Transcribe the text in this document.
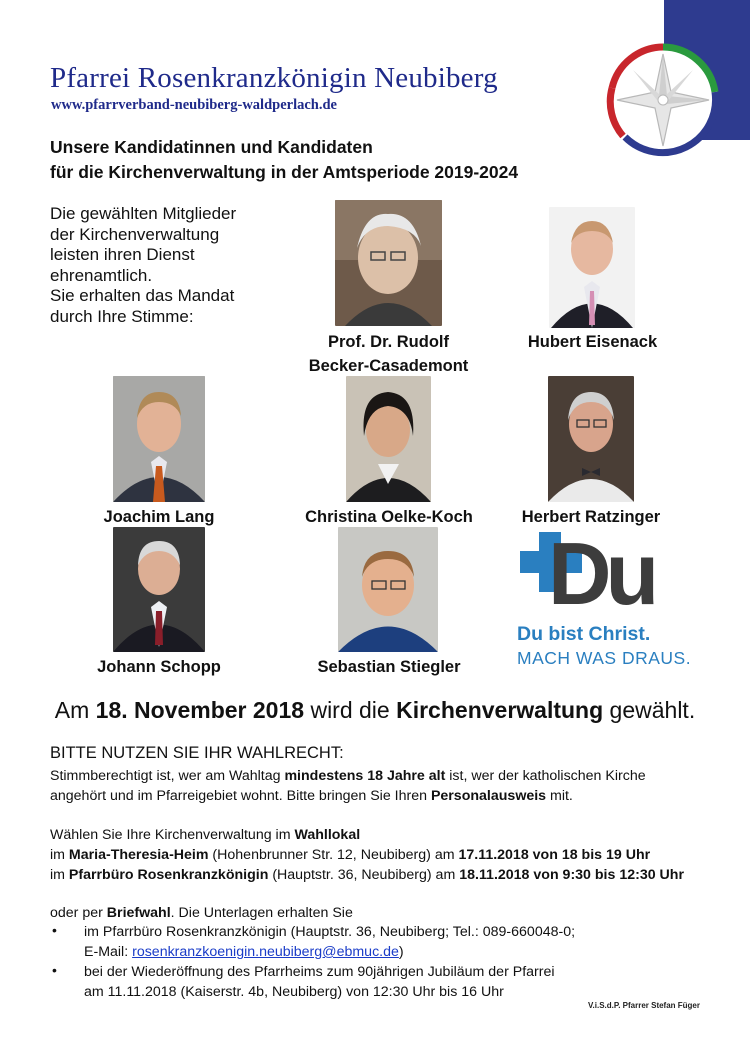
Pfarrei Rosenkranzkönigin Neubiberg
www.pfarrverband-neubiberg-waldperlach.de
Unsere Kandidatinnen und Kandidaten
für die Kirchenverwaltung in der Amtsperiode 2019-2024
Die gewählten Mitglieder
der Kirchenverwaltung
leisten ihren Dienst
ehrenamtlich.
Sie erhalten das Mandat
durch Ihre Stimme:
Prof. Dr. Rudolf
Becker-Casademont
Hubert Eisenack
Joachim Lang	Christina Oelke-Koch	Herbert Ratzinger
Johann Schopp	Sebastian Stiegler
Du
Du bist Christ.
MACH WAS DRAUS.
Am 18. November 2018 wird die Kirchenverwaltung gewählt.
BITTE NUTZEN SIE IHR WAHLRECHT:
Stimmberechtigt ist, wer am Wahltag mindestens 18 Jahre alt ist, wer der katholischen Kirche
angehört und im Pfarreigebiet wohnt. Bitte bringen Sie Ihren Personalausweis mit.
Wählen Sie Ihre Kirchenverwaltung im Wahllokal
im Maria-Theresia-Heim (Hohenbrunner Str. 12, Neubiberg) am 17.11.2018 von 18 bis 19 Uhr
im Pfarrbüro Rosenkranzkönigin (Hauptstr. 36, Neubiberg) am 18.11.2018 von 9:30 bis 12:30 Uhr
oder per Briefwahl. Die Unterlagen erhalten Sie
• im Pfarrbüro Rosenkranzkönigin (Hauptstr. 36, Neubiberg; Tel.: 089-660048-0;
E-Mail: rosenkranzkoenigin.neubiberg@ebmuc.de)
• bei der Wiederöffnung des Pfarrheims zum 90jährigen Jubiläum der Pfarrei
am 11.11.2018 (Kaiserstr. 4b, Neubiberg) von 12:30 Uhr bis 16 Uhr
V.i.S.d.P. Pfarrer Stefan Füger
